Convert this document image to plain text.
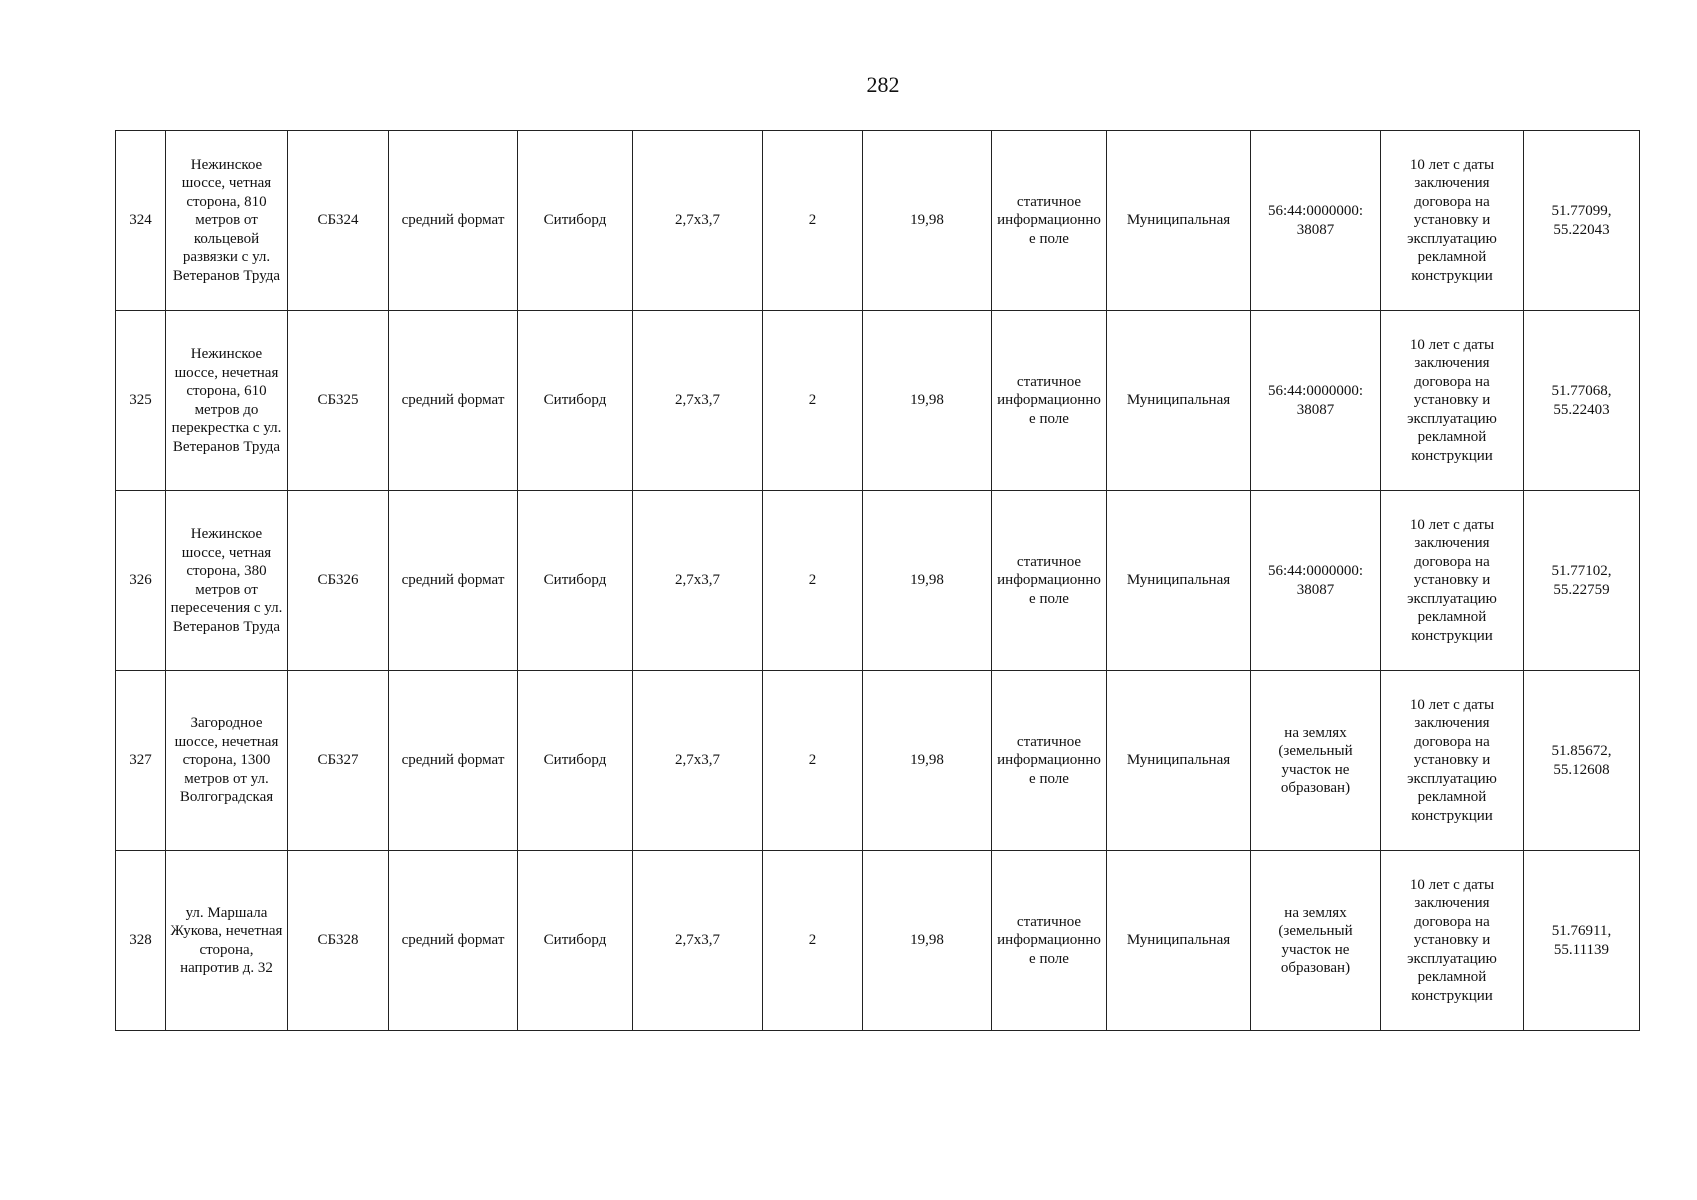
282
324	Нежинское шоссе, четная сторона, 810 метров от кольцевой развязки с ул. Ветеранов Труда	СБ324	средний формат	Ситиборд	2,7х3,7	2	19,98	статичное информационное поле	Муниципальная	56:44:0000000: 38087	10 лет с даты заключения договора на установку и эксплуатацию рекламной конструкции	51.77099, 55.22043
325	Нежинское шоссе, нечетная сторона, 610 метров до перекрестка с ул. Ветеранов Труда	СБ325	средний формат	Ситиборд	2,7х3,7	2	19,98	статичное информационное поле	Муниципальная	56:44:0000000: 38087	10 лет с даты заключения договора на установку и эксплуатацию рекламной конструкции	51.77068, 55.22403
326	Нежинское шоссе, четная сторона, 380 метров от пересечения с ул. Ветеранов Труда	СБ326	средний формат	Ситиборд	2,7х3,7	2	19,98	статичное информационное поле	Муниципальная	56:44:0000000: 38087	10 лет с даты заключения договора на установку и эксплуатацию рекламной конструкции	51.77102, 55.22759
327	Загородное шоссе, нечетная сторона, 1300 метров от ул. Волгоградская	СБ327	средний формат	Ситиборд	2,7х3,7	2	19,98	статичное информационное поле	Муниципальная	на землях (земельный участок не образован)	10 лет с даты заключения договора на установку и эксплуатацию рекламной конструкции	51.85672, 55.12608
328	ул. Маршала Жукова, нечетная сторона, напротив д. 32	СБ328	средний формат	Ситиборд	2,7х3,7	2	19,98	статичное информационное поле	Муниципальная	на землях (земельный участок не образован)	10 лет с даты заключения договора на установку и эксплуатацию рекламной конструкции	51.76911, 55.11139
